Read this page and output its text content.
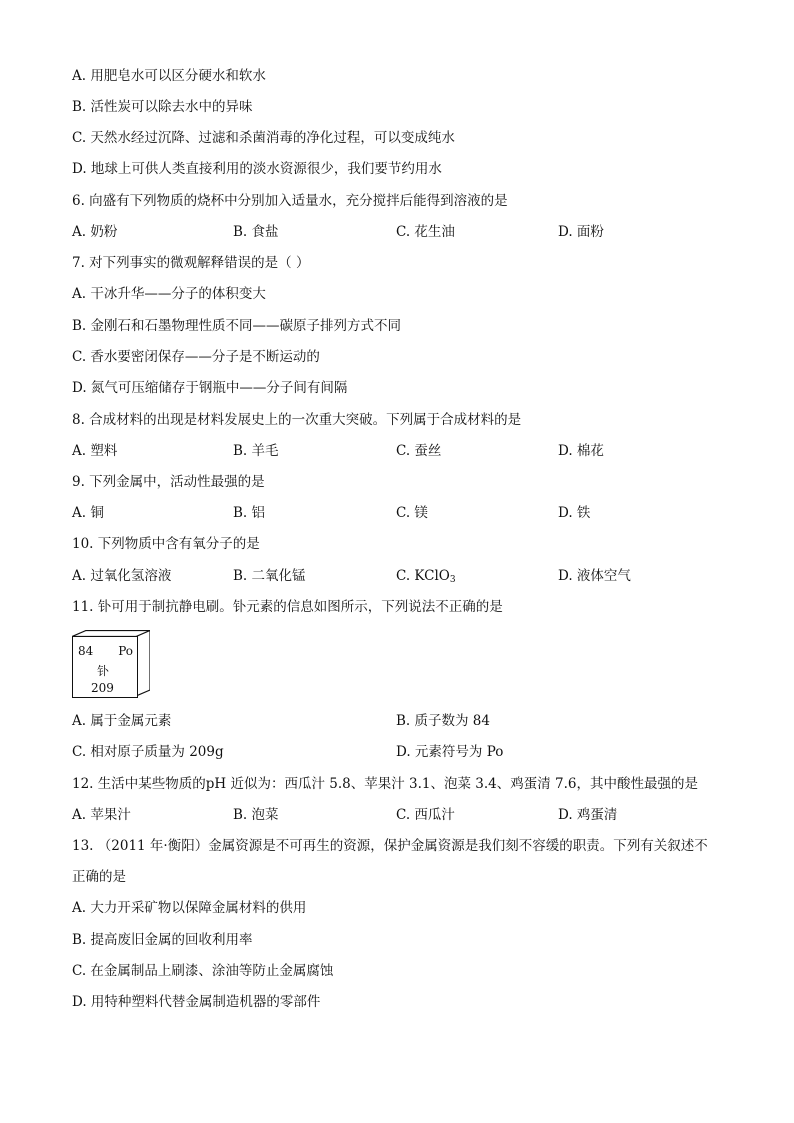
A. 用肥皂水可以区分硬水和软水
B. 活性炭可以除去水中的异味
C. 天然水经过沉降、过滤和杀菌消毒的净化过程，可以变成纯水
D. 地球上可供人类直接利用的淡水资源很少，我们要节约用水
6. 向盛有下列物质的烧杯中分别加入适量水，充分搅拌后能得到溶液的是
A. 奶粉	B. 食盐	C. 花生油	D. 面粉
7. 对下列事实的微观解释错误的是（ ）
A. 干冰升华——分子的体积变大
B. 金刚石和石墨物理性质不同——碳原子排列方式不同
C. 香水要密闭保存——分子是不断运动的
D. 氮气可压缩储存于钢瓶中——分子间有间隔
8. 合成材料的出现是材料发展史上的一次重大突破。下列属于合成材料的是
A. 塑料	B. 羊毛	C. 蚕丝	D. 棉花
9. 下列金属中，活动性最强的是
A. 铜	B. 铝	C. 镁	D. 铁
10. 下列物质中含有氧分子的是
A. 过氧化氢溶液	B. 二氧化锰	C. KClO$_3$	D. 液体空气
11. 钋可用于制抗静电刷。钋元素的信息如图所示，下列说法不正确的是
84 Po
钋
209
A. 属于金属元素	B. 质子数为 84
C. 相对原子质量为 209g	D. 元素符号为 Po
12. 生活中某些物质的pH 近似为：西瓜汁 5.8、苹果汁 3.1、泡菜 3.4、鸡蛋清 7.6，其中酸性最强的是
A. 苹果汁	B. 泡菜	C. 西瓜汁	D. 鸡蛋清
13. （2011 年·衡阳）金属资源是不可再生的资源，保护金属资源是我们刻不容缓的职责。下列有关叙述不
正确的是
A. 大力开采矿物以保障金属材料的供用
B. 提高废旧金属的回收利用率
C. 在金属制品上刷漆、涂油等防止金属腐蚀
D. 用特种塑料代替金属制造机器的零部件
